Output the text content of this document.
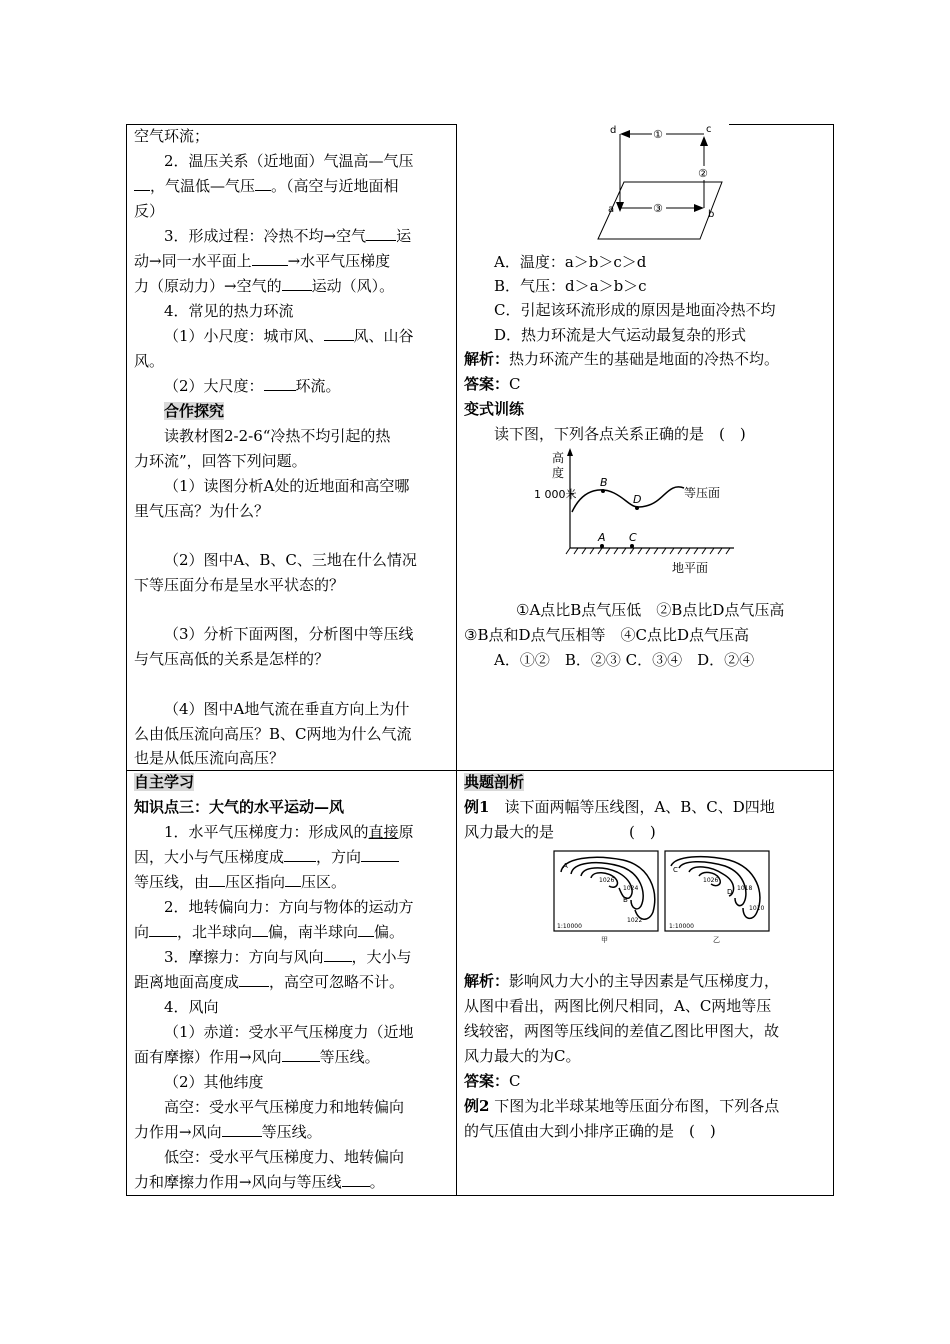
空气环流；
2．温压关系（近地面）气温高—气压
，气温低—气压 。（高空与近地面相
反）
3．形成过程：冷热不均→空气 运
动→同一水平面上 →水平气压梯度
力（原动力）→空气的 运动（风）。
4．常见的热力环流
（1）小尺度：城市风、 风、山谷
风。
（2）大尺度： 环流。
合作探究
读教材图2-2-6“冷热不均引起的热
力环流”，回答下列问题。
（1）读图分析A处的近地面和高空哪
里气压高？为什么？
（2）图中A、B、C、三地在什么情况
下等压面分布是呈水平状态的？
（3）分析下面两图，分析图中等压线
与气压高低的关系是怎样的？
（4）图中A地气流在垂直方向上为什
么由低压流向高压？B、C两地为什么气流
也是从低压流向高压？
d	c
a	b
①
②
③
A．温度：a＞b＞c＞d
B．气压：d＞a＞b＞c
C．引起该环流形成的原因是地面冷热不均
D．热力环流是大气运动最复杂的形式
解析：热力环流产生的基础是地面的冷热不均。
答案：C
变式训练
读下图，下列各点关系正确的是　(　)
高
度
1 000米	等压面
B
D
A C
地平面
①A点比B点气压低　②B点比D点气压高
③B点和D点气压相等　④C点比D点气压高
A．①②　B．②③ C．③④　D．②④
自主学习
知识点三：大气的水平运动—风
1．水平气压梯度力：形成风的直接原
因，大小与气压梯度成 ，方向
等压线，由 压区指向 压区。
2．地转偏向力：方向与物体的运动方
向 ，北半球向 偏，南半球向 偏。
3．摩擦力：方向与风向 ，大小与
距离地面高度成 ，高空可忽略不计。
4．风向
（1）赤道：受水平气压梯度力（近地
面有摩擦）作用→风向	等压线。
（2）其他纬度
高空：受水平气压梯度力和地转偏向
力作用→风向	等压线。
低空：受水平气压梯度力、地转偏向
力和摩擦力作用→风向与等压线 。
典题剖析
例1　读下面两幅等压线图，A、B、C、D四地
风力最大的是　　　　　(　)
A
1026
1024
B
1022
1:10000
甲
C
1026
D 1018
1010
1:10000
乙
解析：影响风力大小的主导因素是气压梯度力，
从图中看出，两图比例尺相同，A、C两地等压
线较密，两图等压线间的差值乙图比甲图大，故
风力最大的为C。
答案：C
例2 下图为北半球某地等压面分布图，下列各点
的气压值由大到小排序正确的是　(　)
